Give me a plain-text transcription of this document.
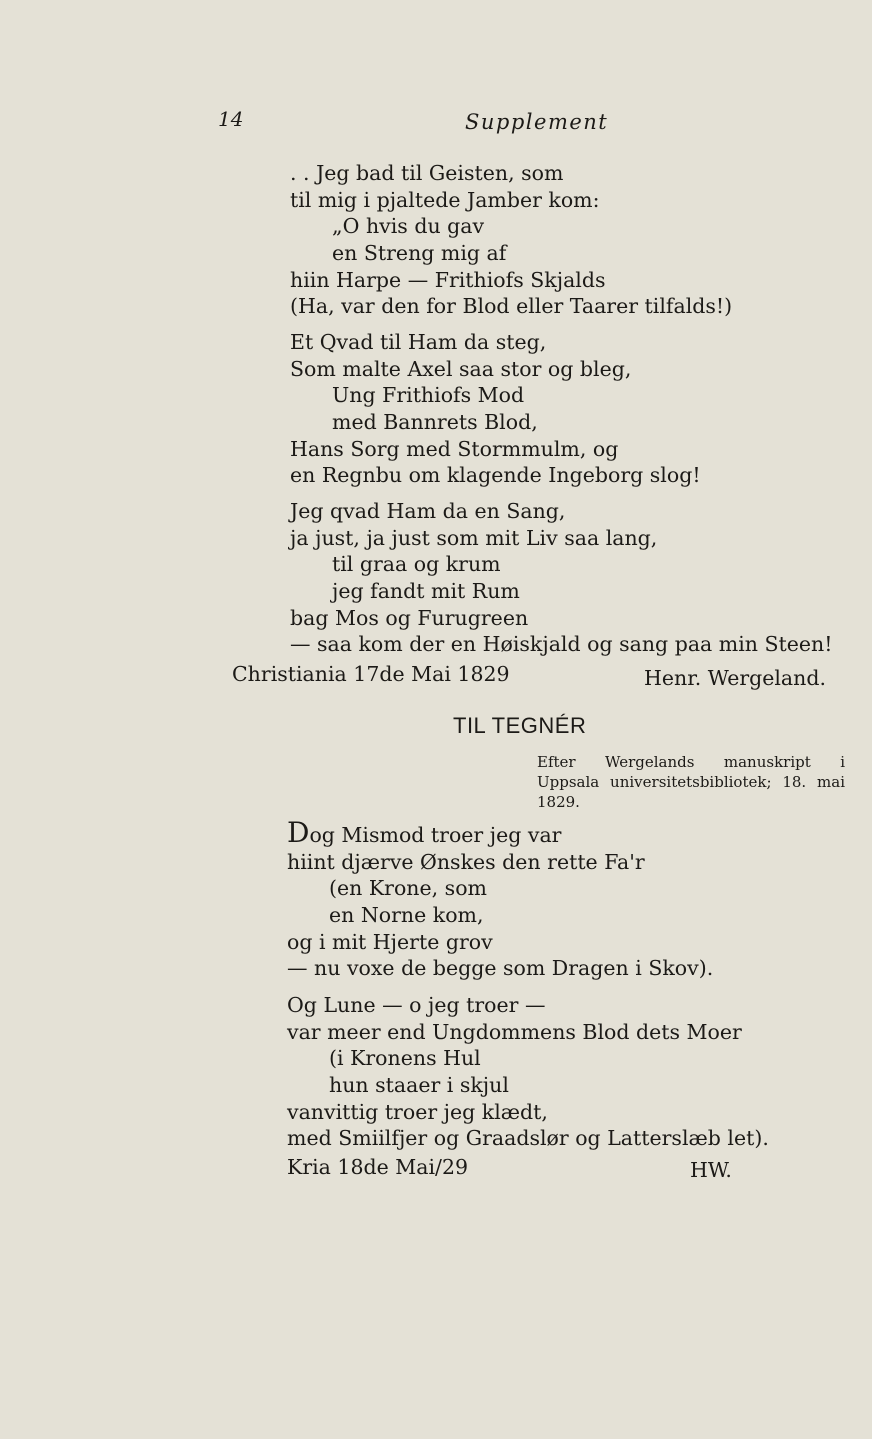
14	Supplement
. . Jeg bad til Geisten, som
til mig i pjaltede Jamber kom:
„O hvis du gav
en Streng mig af
hiin Harpe — Frithiofs Skjalds
(Ha, var den for Blod eller Taarer tilfalds!)
Et Qvad til Ham da steg,
Som malte Axel saa stor og bleg,
Ung Frithiofs Mod
med Bannrets Blod,
Hans Sorg med Stormmulm, og
en Regnbu om klagende Ingeborg slog!
Jeg qvad Ham da en Sang,
ja just, ja just som mit Liv saa lang,
til graa og krum
jeg fandt mit Rum
bag Mos og Furugreen
— saa kom der en Høiskjald og sang paa min Steen!
Christiania 17de Mai 1829	Henr. Wergeland.
TIL TEGNÉR
Efter Wergelands manuskript i
Uppsala universitetsbibliotek; 18. mai
1829.
Dog Mismod troer jeg var
hiint djærve Ønskes den rette Fa'r
(en Krone, som
en Norne kom,
og i mit Hjerte grov
— nu voxe de begge som Dragen i Skov).
Og Lune — o jeg troer —
var meer end Ungdommens Blod dets Moer
(i Kronens Hul
hun staaer i skjul
vanvittig troer jeg klædt,
med Smiilfjer og Graadslør og Latterslæb let).
Kria 18de Mai/29	HW.
